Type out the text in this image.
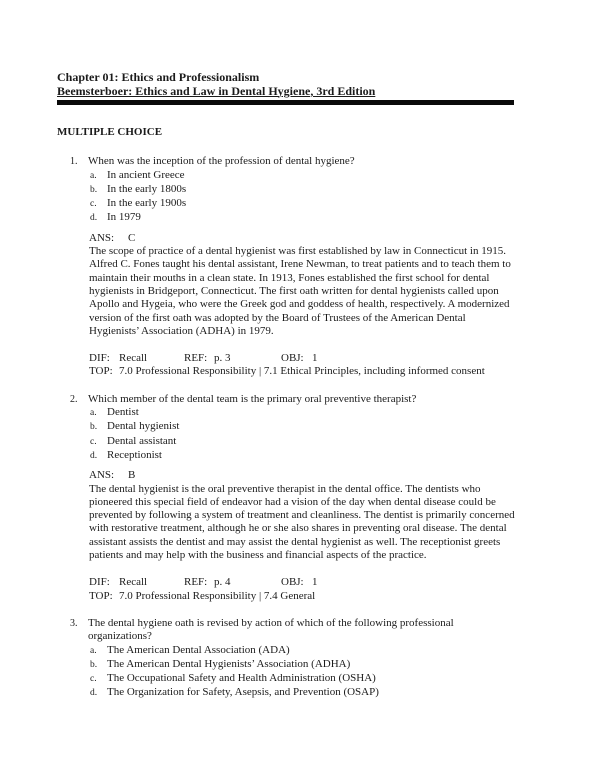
Chapter 01: Ethics and Professionalism
Beemsterboer: Ethics and Law in Dental Hygiene, 3rd Edition
MULTIPLE CHOICE
1. When was the inception of the profession of dental hygiene?
a. In ancient Greece
b. In the early 1800s
c. In the early 1900s
d. In 1979
ANS: C
The scope of practice of a dental hygienist was first established by law in Connecticut in 1915. Alfred C. Fones taught his dental assistant, Irene Newman, to treat patients and to teach them to maintain their mouths in a clean state. In 1913, Fones established the first school for dental hygienists in Bridgeport, Connecticut. The first oath written for dental hygienists called upon Apollo and Hygeia, who were the Greek god and goddess of health, respectively. A modernized version of the first oath was adopted by the Board of Trustees of the American Dental Hygienists’ Association (ADHA) in 1979.
DIF: Recall	REF: p. 3	OBJ: 1
TOP: 7.0 Professional Responsibility | 7.1 Ethical Principles, including informed consent
2. Which member of the dental team is the primary oral preventive therapist?
a. Dentist
b. Dental hygienist
c. Dental assistant
d. Receptionist
ANS: B
The dental hygienist is the oral preventive therapist in the dental office. The dentists who pioneered this special field of endeavor had a vision of the day when dental disease could be prevented by following a system of treatment and cleanliness. The dentist is primarily concerned with restorative treatment, although he or she also shares in preventing oral disease. The dental assistant assists the dentist and may assist the dental hygienist as well. The receptionist greets patients and may help with the business and financial aspects of the practice.
DIF: Recall	REF: p. 4	OBJ: 1
TOP: 7.0 Professional Responsibility | 7.4 General
3. The dental hygiene oath is revised by action of which of the following professional organizations?
a. The American Dental Association (ADA)
b. The American Dental Hygienists’ Association (ADHA)
c. The Occupational Safety and Health Administration (OSHA)
d. The Organization for Safety, Asepsis, and Prevention (OSAP)
